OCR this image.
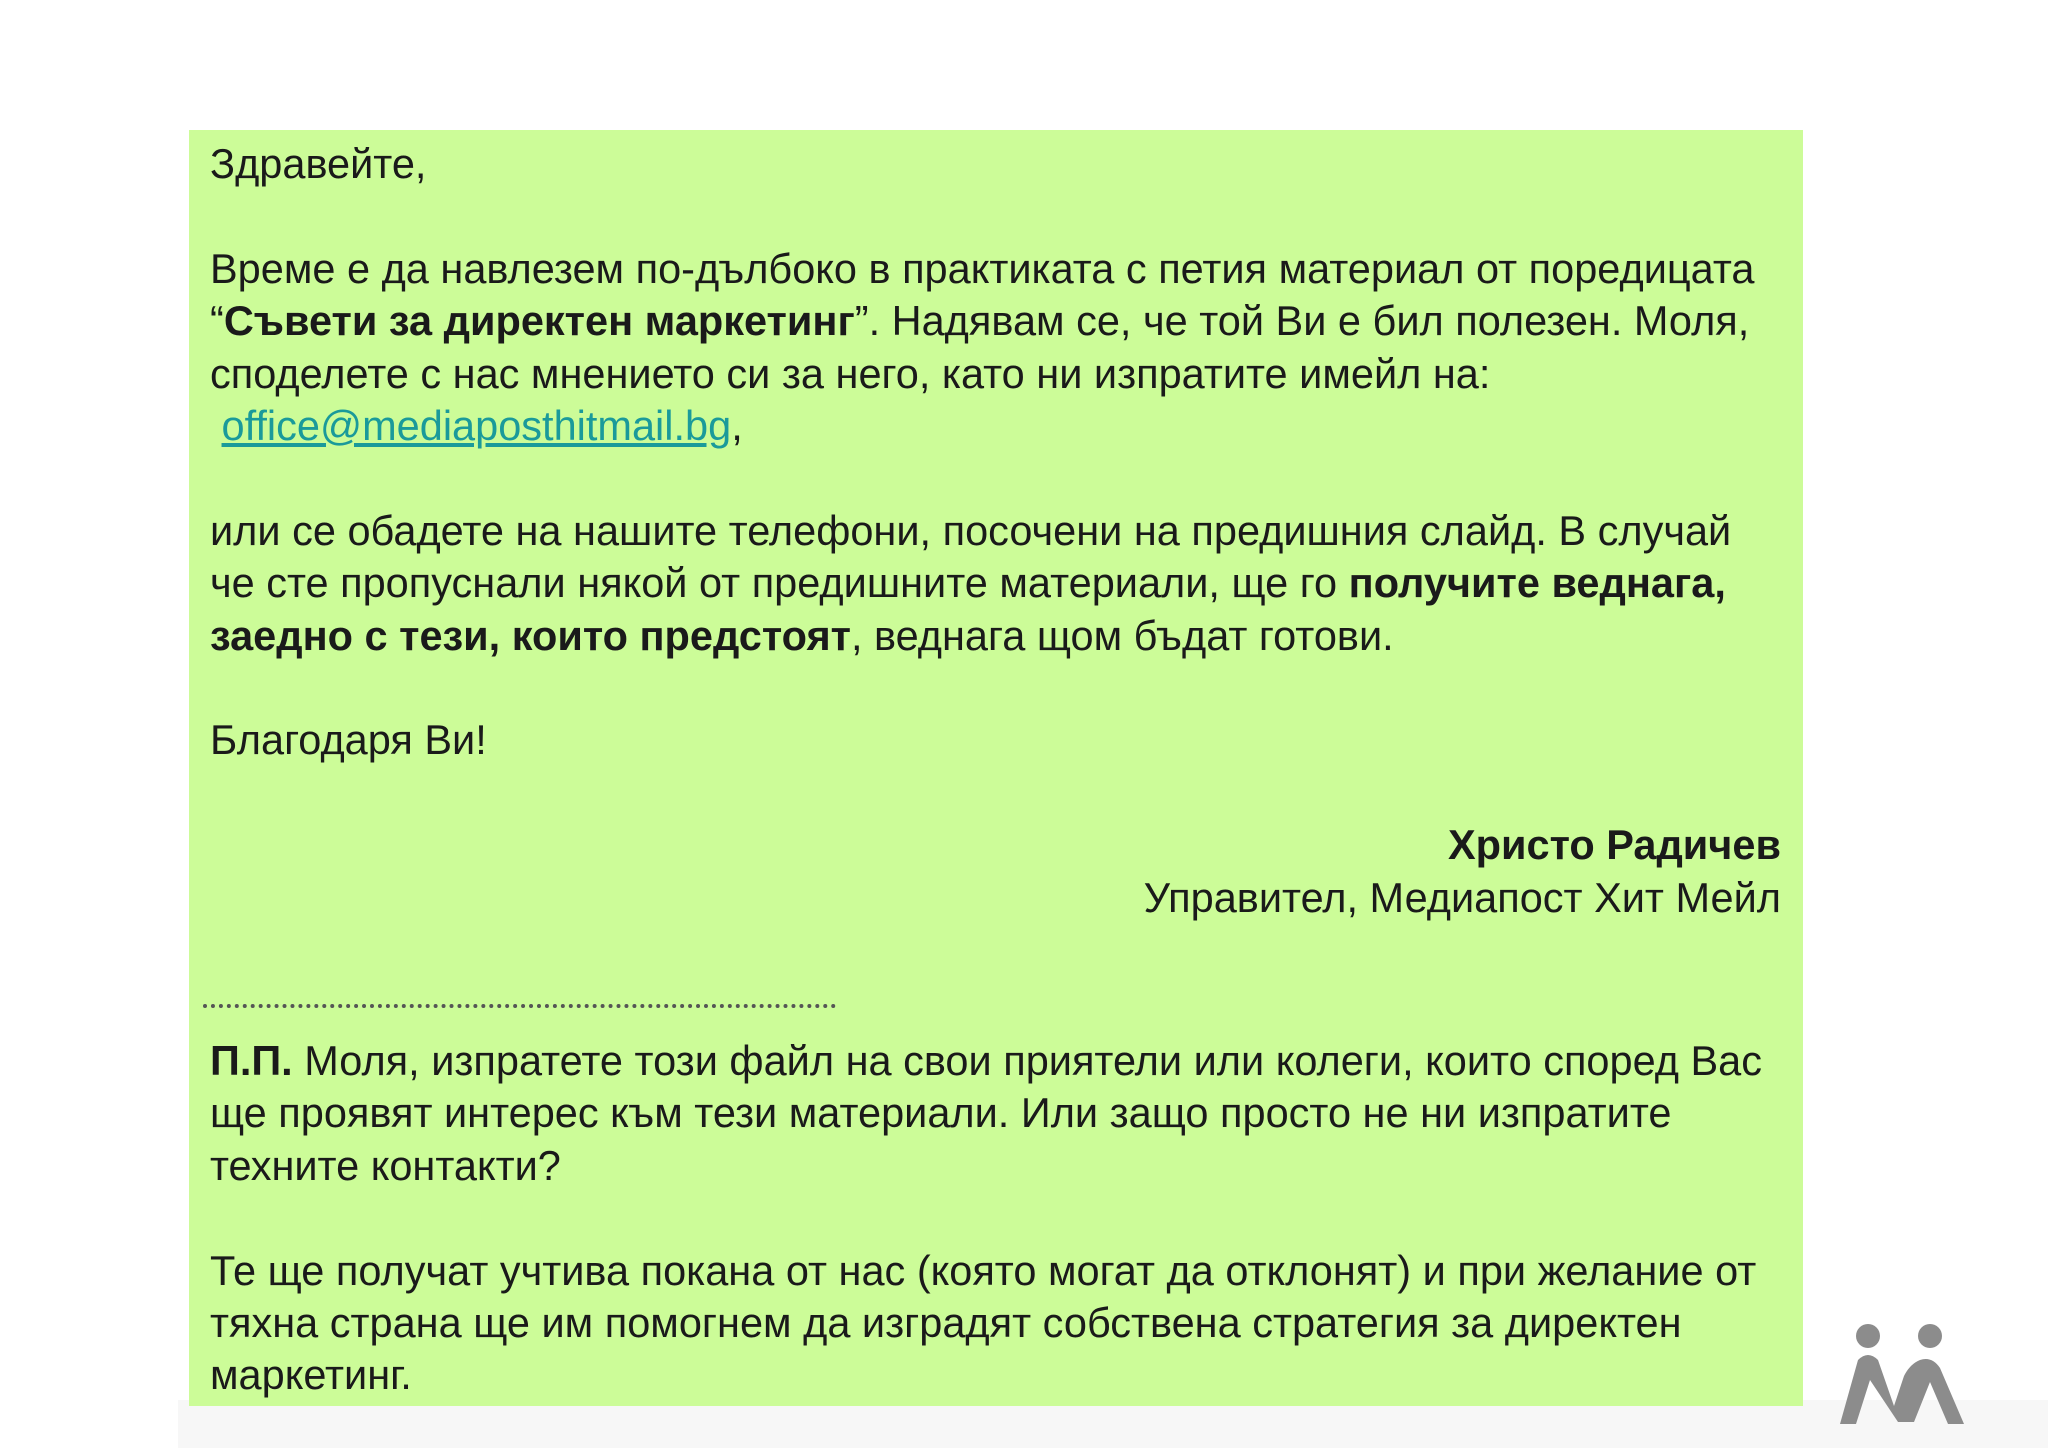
Здравейте,

Време е да навлезем по-дълбоко в практиката с петия материал от поредицата “Съвети за директен маркетинг”. Надявам се, че той Ви е бил полезен. Моля, споделете с нас мнението си за него, като ни изпратите имейл на:

office@mediaposthitmail.bg,

или се обадете на нашите телефони, посочени на предишния слайд. В случай че сте пропуснали някой от предишните материали, ще го получите веднага, заедно с тези, които предстоят, веднага щом бъдат готови.

Благодаря Ви!

Христо Радичев

Управител, Медиапост Хит Мейл

П.П. Моля, изпратете този файл на свои приятели или колеги, които според Вас ще проявят интерес към тези материали. Или защо просто не ни изпратите техните контакти?

Те ще получат учтива покана от нас (която могат да отклонят) и при желание от тяхна страна ще им помогнем да изградят собствена стратегия за директен маркетинг.
